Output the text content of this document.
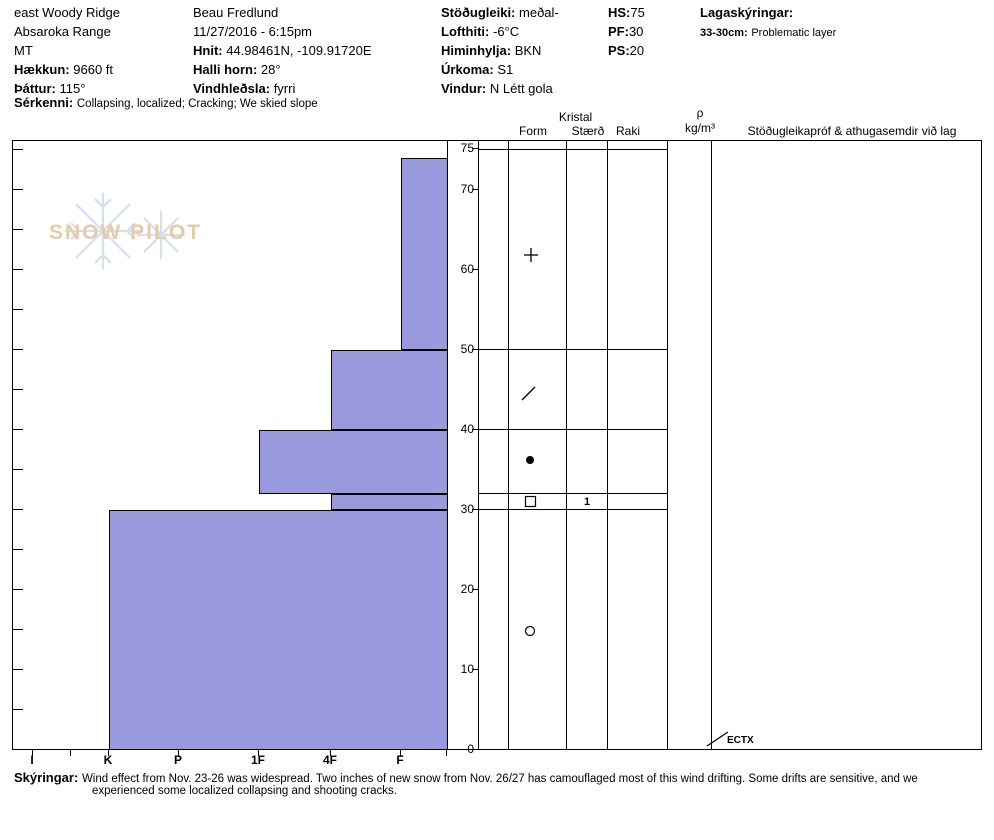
east Woody Ridge
Absaroka Range
MT
Hækkun: 9660 ft
Þáttur: 115°
Beau Fredlund
11/27/2016 - 6:15pm
Hnit: 44.98461N, -109.91720E
Halli horn: 28°
Vindhleðsla: fyrri
Stöðugleiki: meðal-
Lofthiti: -6°C
Himinhylja: BKN
Úrkoma: S1
Vindur: N Létt gola
HS:75
PF:30
PS:20
Lagaskýringar:
33-30cm: Problematic layer
Sérkenni: Collapsing, localized; Cracking; We skied slope
Kristal
Form	Stærð Raki
ρ
kg/m³	Stöðugleikapróf & athugasemdir við lag
SNOW PILOT
75
70
60
50
40
30
20
10
0
1
ECTX
I	K	P	1F	4F	F
Skýringar: Wind effect from Nov. 23-26 was widespread. Two inches of new snow from Nov. 26/27 has camouflaged most of this wind drifting. Some drifts are sensitive, and we
experienced some localized collapsing and shooting cracks.
